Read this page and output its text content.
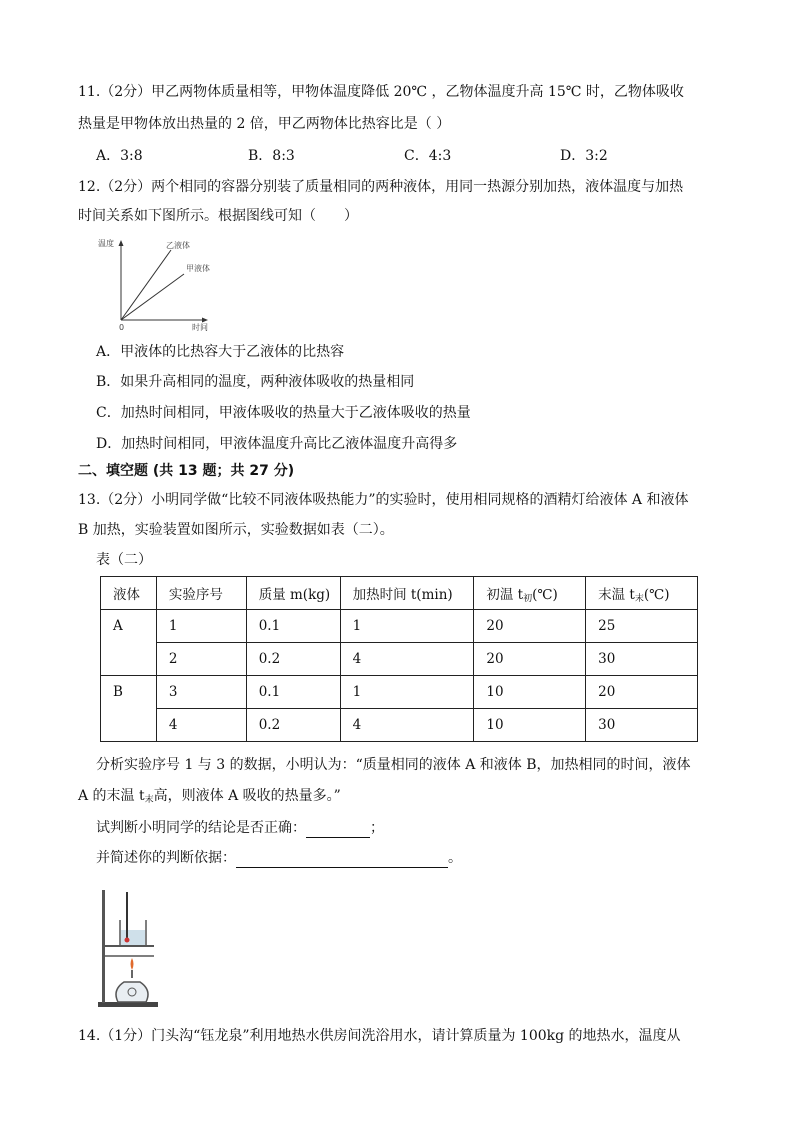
11.（2分）甲乙两物体质量相等，甲物体温度降低 20℃ ，乙物体温度升高 15℃ 时，乙物体吸收
热量是甲物体放出热量的 2 倍，甲乙两物体比热容比是（ ）
A．3:8	B．8:3	C．4:3	D．3:2
12.（2分）两个相同的容器分别装了质量相同的两种液体，用同一热源分别加热，液体温度与加热
时间关系如下图所示。根据图线可知（　　）
温度	乙液体
甲液体
0	时间
A．甲液体的比热容大于乙液体的比热容
B．如果升高相同的温度，两种液体吸收的热量相同
C．加热时间相同，甲液体吸收的热量大于乙液体吸收的热量
D．加热时间相同，甲液体温度升高比乙液体温度升高得多
二、填空题 (共 13 题；共 27 分)
13.（2分）小明同学做“比较不同液体吸热能力”的实验时，使用相同规格的酒精灯给液体 A 和液体
B 加热，实验装置如图所示，实验数据如表（二）。
表（二）
液体	实验序号	质量 m(kg)	加热时间 t(min)	初温 $t_初(℃)$	末温 $t_末(℃)$
A	1	0.1	1	20	25
	2	0.2	4	20	30
B	3	0.1	1	10	20
	4	0.2	4	10	30
分析实验序号 1 与 3 的数据，小明认为：“质量相同的液体 A 和液体 B，加热相同的时间，液体
A 的末温 $t_末$高，则液体 A 吸收的热量多。”
试判断小明同学的结论是否正确：	；
并简述你的判断依据：	。
14.（1分）门头沟“钰龙泉”利用地热水供房间洗浴用水，请计算质量为 100kg 的地热水，温度从
